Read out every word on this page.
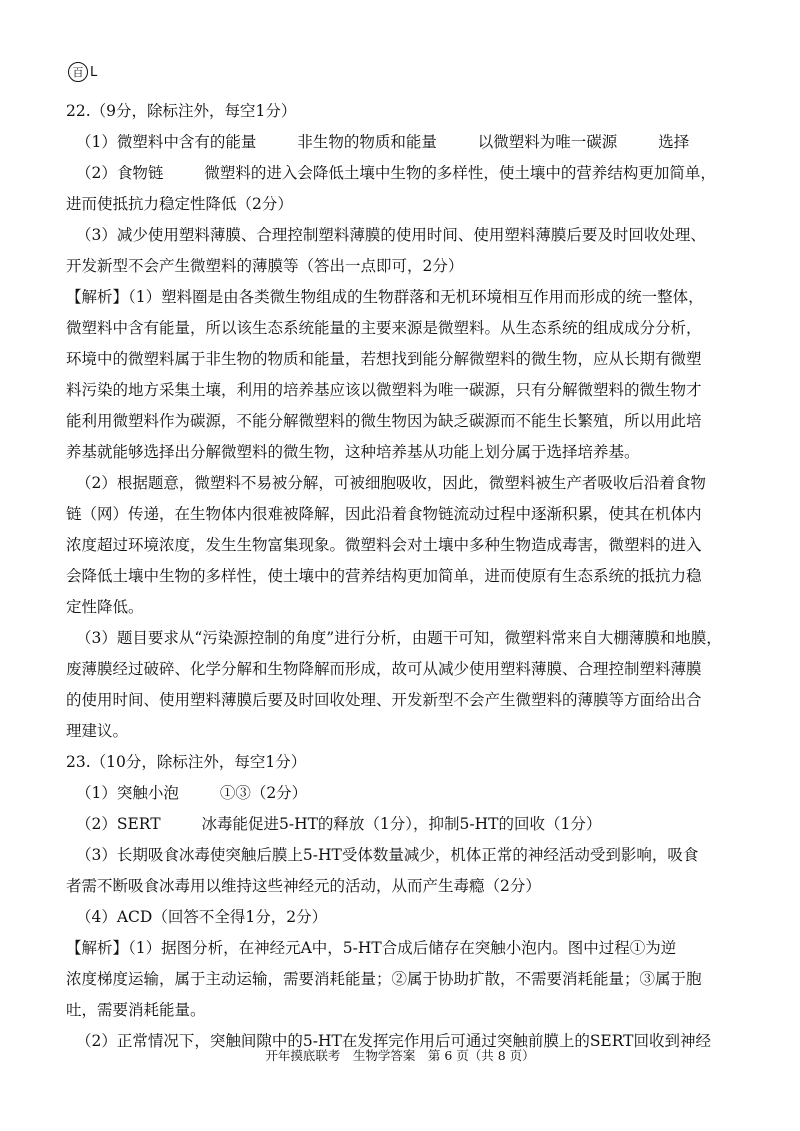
百 L
22.（9分，除标注外，每空1分）
（1）微塑料中含有的能量	非生物的物质和能量	以微塑料为唯一碳源	选择
（2）食物链	微塑料的进入会降低土壤中生物的多样性，使土壤中的营养结构更加简单，
进而使抵抗力稳定性降低（2分）
（3）减少使用塑料薄膜、合理控制塑料薄膜的使用时间、使用塑料薄膜后要及时回收处理、
开发新型不会产生微塑料的薄膜等（答出一点即可，2分）
【解析】（1）塑料圈是由各类微生物组成的生物群落和无机环境相互作用而形成的统一整体，
微塑料中含有能量，所以该生态系统能量的主要来源是微塑料。从生态系统的组成成分分析，
环境中的微塑料属于非生物的物质和能量，若想找到能分解微塑料的微生物，应从长期有微塑
料污染的地方采集土壤，利用的培养基应该以微塑料为唯一碳源，只有分解微塑料的微生物才
能利用微塑料作为碳源，不能分解微塑料的微生物因为缺乏碳源而不能生长繁殖，所以用此培
养基就能够选择出分解微塑料的微生物，这种培养基从功能上划分属于选择培养基。
（2）根据题意，微塑料不易被分解，可被细胞吸收，因此，微塑料被生产者吸收后沿着食物
链（网）传递，在生物体内很难被降解，因此沿着食物链流动过程中逐渐积累，使其在机体内
浓度超过环境浓度，发生生物富集现象。微塑料会对土壤中多种生物造成毒害，微塑料的进入
会降低土壤中生物的多样性，使土壤中的营养结构更加简单，进而使原有生态系统的抵抗力稳
定性降低。
（3）题目要求从“污染源控制的角度”进行分析，由题干可知，微塑料常来自大棚薄膜和地膜，
废薄膜经过破碎、化学分解和生物降解而形成，故可从减少使用塑料薄膜、合理控制塑料薄膜
的使用时间、使用塑料薄膜后要及时回收处理、开发新型不会产生微塑料的薄膜等方面给出合
理建议。
23.（10分，除标注外，每空1分）
（1）突触小泡	①③（2分）
（2）SERT	冰毒能促进5-HT的释放（1分），抑制5-HT的回收（1分）
（3）长期吸食冰毒使突触后膜上5-HT受体数量减少，机体正常的神经活动受到影响，吸食
者需不断吸食冰毒用以维持这些神经元的活动，从而产生毒瘾（2分）
（4）ACD（回答不全得1分，2分）
【解析】（1）据图分析，在神经元A中，5-HT合成后储存在突触小泡内。图中过程①为逆
浓度梯度运输，属于主动运输，需要消耗能量；②属于协助扩散，不需要消耗能量；③属于胞
吐，需要消耗能量。
（2）正常情况下，突触间隙中的5-HT在发挥完作用后可通过突触前膜上的SERT回收到神经
开年摸底联考　生物学答案　第 6 页（共 8 页）
